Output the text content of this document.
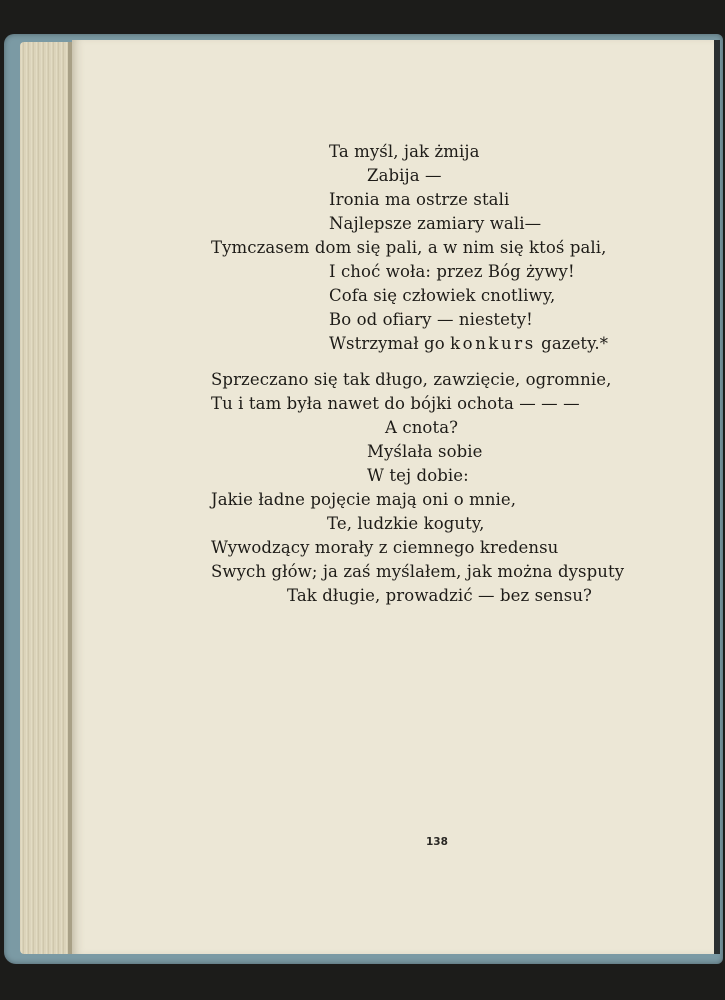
Ta myśl, jak żmija
Zabija —
Ironia ma ostrze stali
Najlepsze zamiary wali—
Tymczasem dom się pali, a w nim się ktoś pali,
I choć woła: przez Bóg żywy!
Cofa się człowiek cnotliwy,
Bo od ofiary — niestety!
Wstrzymał go konkurs gazety.*
Sprzeczano się tak długo, zawzięcie, ogromnie,
Tu i tam była nawet do bójki ochota — — —
A cnota?
Myślała sobie
W tej dobie:
Jakie ładne pojęcie mają oni o mnie,
Te, ludzkie koguty,
Wywodzący morały z ciemnego kredensu
Swych głów; ja zaś myślałem, jak można dysputy
Tak długie, prowadzić — bez sensu?
138
